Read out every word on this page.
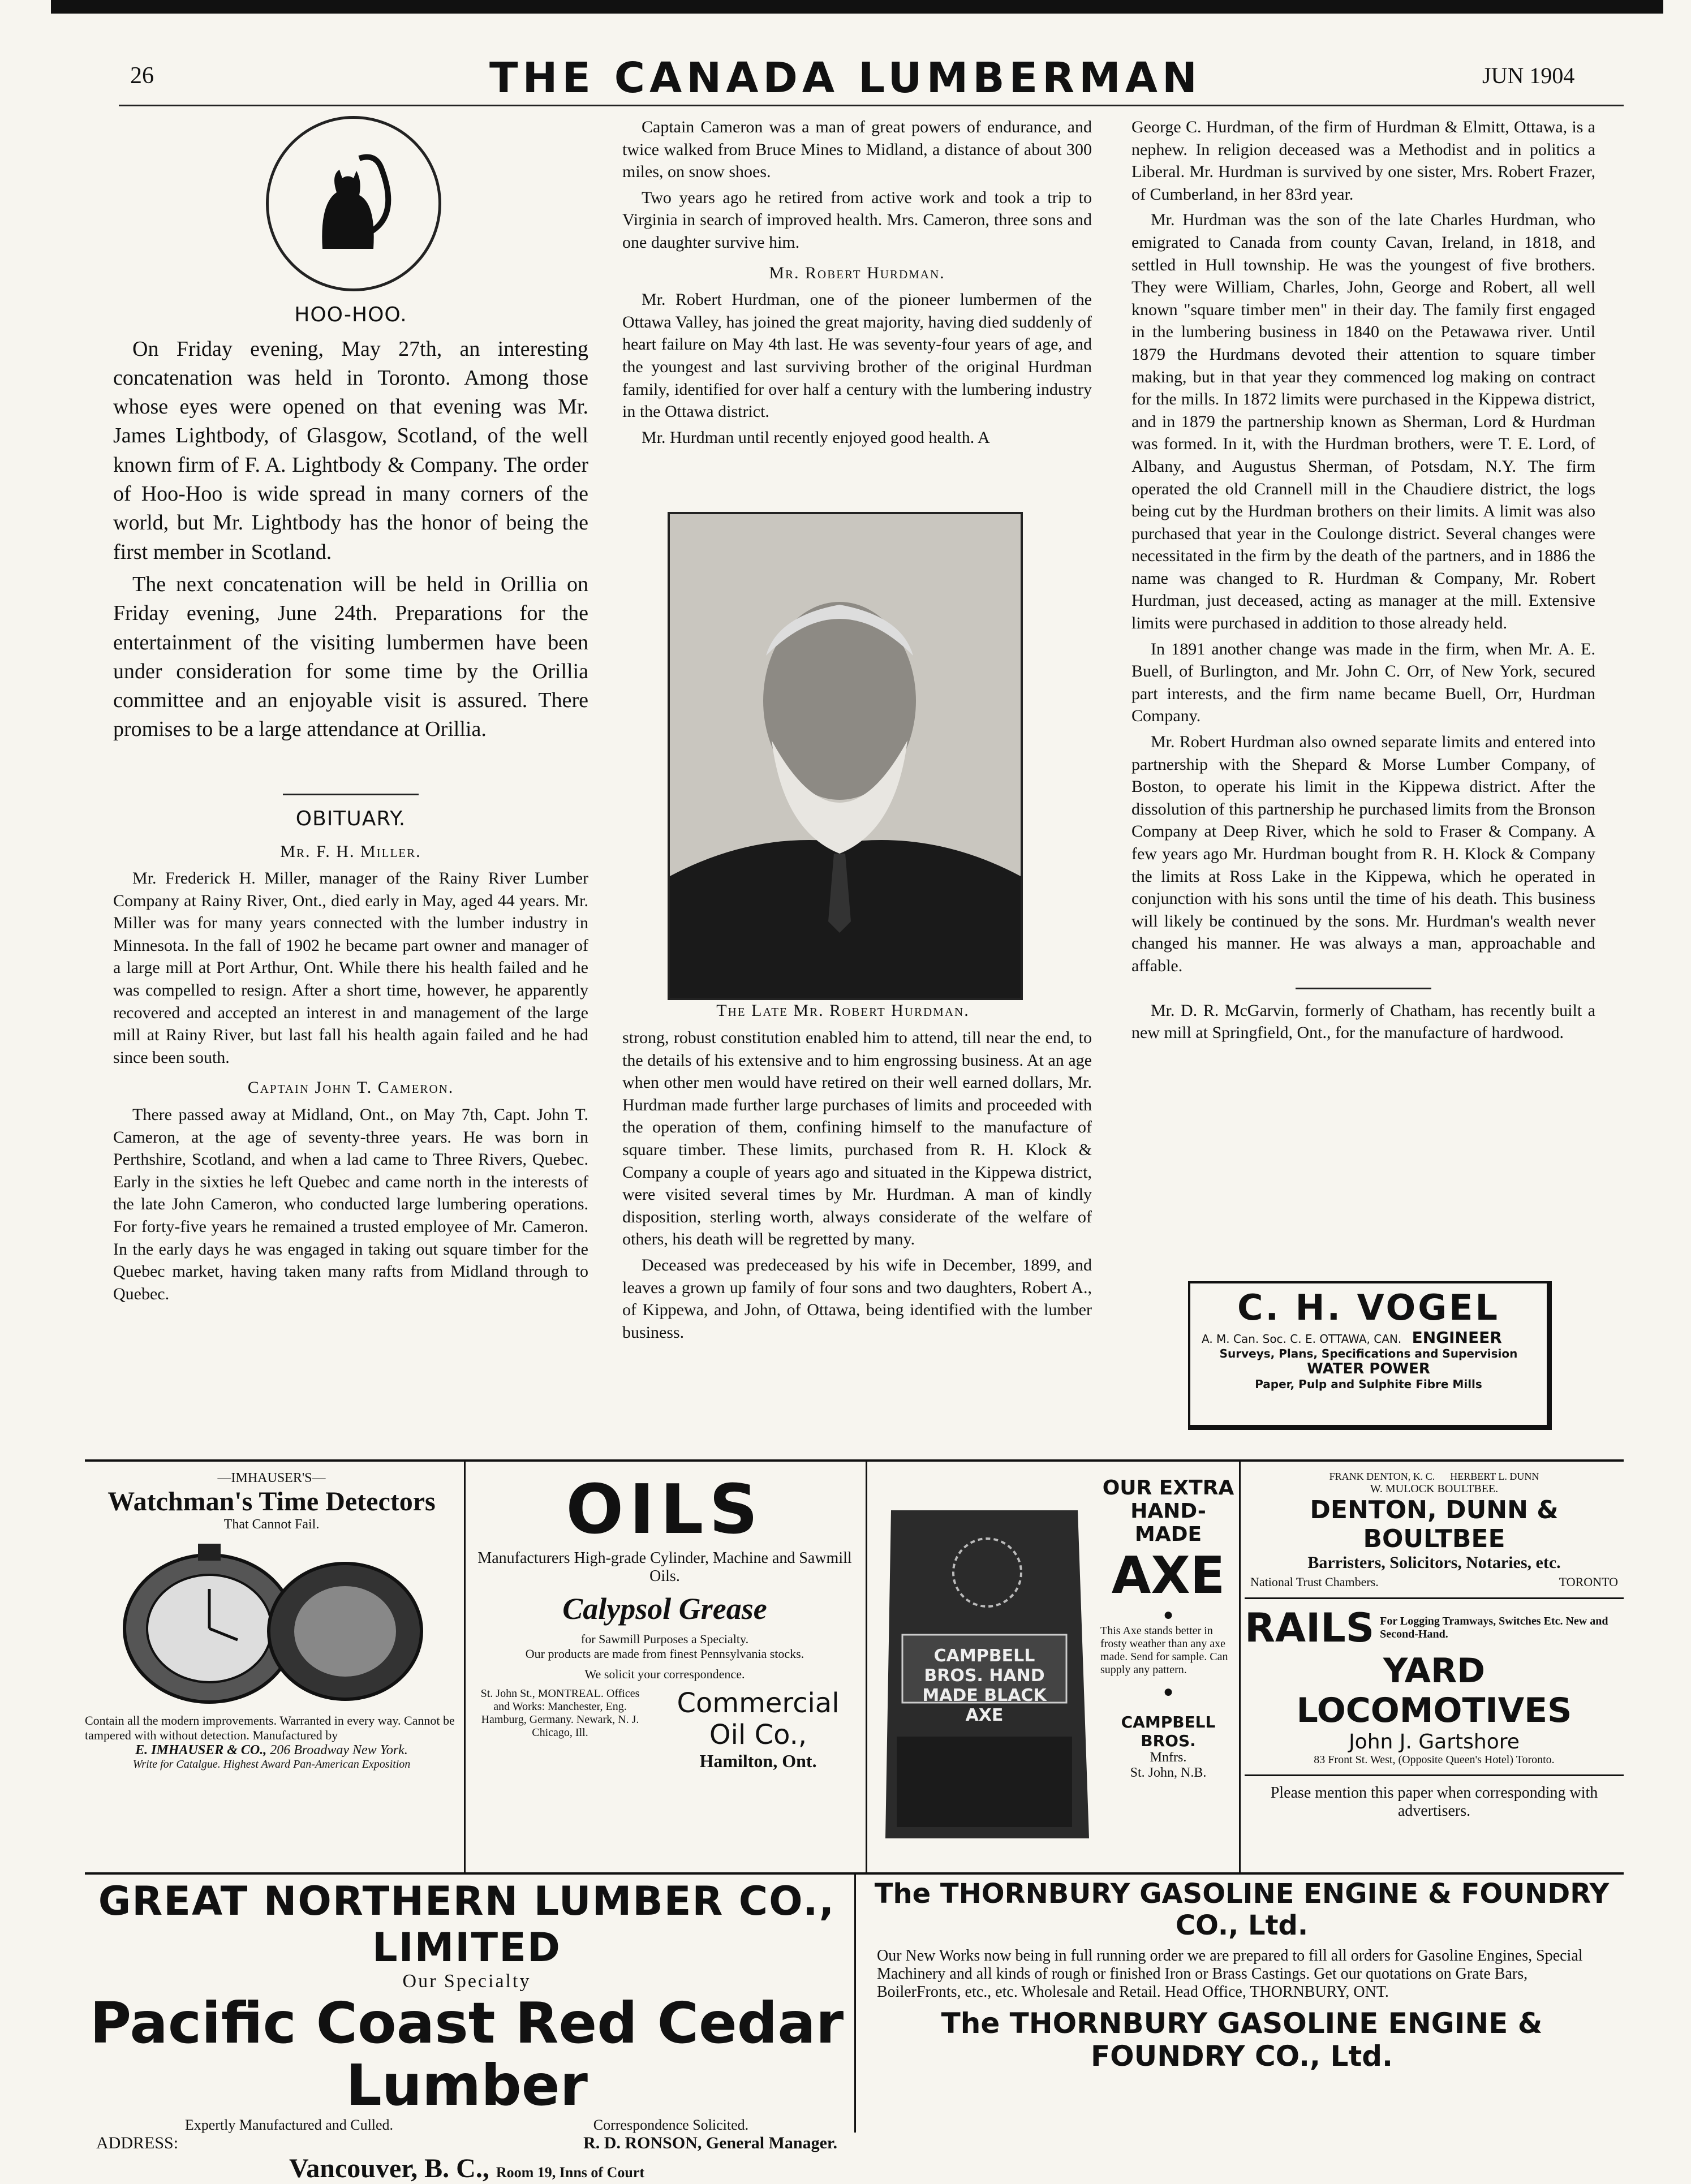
26	THE CANADA LUMBERMAN	JUN 1904
HOO-HOO.

On Friday evening, May 27th, an interesting concatenation was held in Toronto. Among those whose eyes were opened on that evening was Mr. James Lightbody, of Glasgow, Scotland, of the well known firm of F. A. Lightbody & Company. The order of Hoo-Hoo is wide spread in many corners of the world, but Mr. Lightbody has the honor of being the first member in Scotland.

The next concatenation will be held in Orillia on Friday evening, June 24th. Preparations for the entertainment of the visiting lumbermen have been under consideration for some time by the Orillia committee and an enjoyable visit is assured. There promises to be a large attendance at Orillia.

OBITUARY.
Mr. F. H. Miller.

Mr. Frederick H. Miller, manager of the Rainy River Lumber Company at Rainy River, Ont., died early in May, aged 44 years. Mr. Miller was for many years connected with the lumber industry in Minnesota. In the fall of 1902 he became part owner and manager of a large mill at Port Arthur, Ont. While there his health failed and he was compelled to resign. After a short time, however, he apparently recovered and accepted an interest in and management of the large mill at Rainy River, but last fall his health again failed and he had since been south.

Captain John T. Cameron.

There passed away at Midland, Ont., on May 7th, Capt. John T. Cameron, at the age of seventy-three years. He was born in Perthshire, Scotland, and when a lad came to Three Rivers, Quebec. Early in the sixties he left Quebec and came north in the interests of the late John Cameron, who conducted large lumbering operations. For forty-five years he remained a trusted employee of Mr. Cameron. In the early days he was engaged in taking out square timber for the Quebec market, having taken many rafts from Midland through to Quebec.

Captain Cameron was a man of great powers of endurance, and twice walked from Bruce Mines to Midland, a distance of about 300 miles, on snow shoes.

Two years ago he retired from active work and took a trip to Virginia in search of improved health. Mrs. Cameron, three sons and one daughter survive him.

Mr. Robert Hurdman.

Mr. Robert Hurdman, one of the pioneer lumbermen of the Ottawa Valley, has joined the great majority, having died suddenly of heart failure on May 4th last. He was seventy-four years of age, and the youngest and last surviving brother of the original Hurdman family, identified for over half a century with the lumbering industry in the Ottawa district.

Mr. Hurdman until recently enjoyed good health. A

The Late Mr. Robert Hurdman.

strong, robust constitution enabled him to attend, till near the end, to the details of his extensive and to him engrossing business. At an age when other men would have retired on their well earned dollars, Mr. Hurdman made further large purchases of limits and proceeded with the operation of them, confining himself to the manufacture of square timber. These limits, purchased from R. H. Klock & Company a couple of years ago and situated in the Kippewa district, were visited several times by Mr. Hurdman. A man of kindly disposition, sterling worth, always considerate of the welfare of others, his death will be regretted by many.

Deceased was predeceased by his wife in December, 1899, and leaves a grown up family of four sons and two daughters, Robert A., of Kippewa, and John, of Ottawa, being identified with the lumber business.

George C. Hurdman, of the firm of Hurdman & Elmitt, Ottawa, is a nephew. In religion deceased was a Methodist and in politics a Liberal. Mr. Hurdman is survived by one sister, Mrs. Robert Frazer, of Cumberland, in her 83rd year.

Mr. Hurdman was the son of the late Charles Hurdman, who emigrated to Canada from county Cavan, Ireland, in 1818, and settled in Hull township. He was the youngest of five brothers. They were William, Charles, John, George and Robert, all well known "square timber men" in their day. The family first engaged in the lumbering business in 1840 on the Petawawa river. Until 1879 the Hurdmans devoted their attention to square timber making, but in that year they commenced log making on contract for the mills. In 1872 limits were purchased in the Kippewa district, and in 1879 the partnership known as Sherman, Lord & Hurdman was formed. In it, with the Hurdman brothers, were T. E. Lord, of Albany, and Augustus Sherman, of Potsdam, N.Y. The firm operated the old Crannell mill in the Chaudiere district, the logs being cut by the Hurdman brothers on their limits. A limit was also purchased that year in the Coulonge district. Several changes were necessitated in the firm by the death of the partners, and in 1886 the name was changed to R. Hurdman & Company, Mr. Robert Hurdman, just deceased, acting as manager at the mill. Extensive limits were purchased in addition to those already held.

In 1891 another change was made in the firm, when Mr. A. E. Buell, of Burlington, and Mr. John C. Orr, of New York, secured part interests, and the firm name became Buell, Orr, Hurdman Company.

Mr. Robert Hurdman also owned separate limits and entered into partnership with the Shepard & Morse Lumber Company, of Boston, to operate his limit in the Kippewa district. After the dissolution of this partnership he purchased limits from the Bronson Company at Deep River, which he sold to Fraser & Company. A few years ago Mr. Hurdman bought from R. H. Klock & Company the limits at Ross Lake in the Kippewa, which he operated in conjunction with his sons until the time of his death. This business will likely be continued by the sons. Mr. Hurdman's wealth never changed his manner. He was always a man, approachable and affable.

Mr. D. R. McGarvin, formerly of Chatham, has recently built a new mill at Springfield, Ont., for the manufacture of hardwood.

C. H. VOGEL
A. M. Can. Soc. C. E. OTTAWA, CAN. ENGINEER
Surveys, Plans, Specifications and Supervision
WATER POWER
Paper, Pulp and Sulphite Fibre Mills
—IMHAUSER'S—
Watchman's Time Detectors
That Cannot Fail.
Contain all the modern improvements. Warranted in every way. Cannot be tampered with without detection. Manufactured by
E. IMHAUSER & CO., 206 Broadway New York.
Write for Catalgue. Highest Award Pan-American Exposition
OILS
Manufacturers High-grade Cylinder, Machine and Sawmill Oils.
Calypsol Grease
for Sawmill Purposes a Specialty.
Our products are made from finest Pennsylvania stocks.
We solicit your correspondence.
St. John St., MONTREAL. Offices and Works: Manchester, Eng. Hamburg, Germany. Newark, N. J. Chicago, Ill.
Commercial Oil Co.,
Hamilton, Ont.
CAMPBELL BROS. HAND MADE BLACK AXE
OUR EXTRA
HAND-MADE
AXE
●
This Axe stands better in frosty weather than any axe made. Send for sample. Can supply any pattern.
●
CAMPBELL BROS.
Mnfrs.
St. John, N.B.
FRANK DENTON, K. C.      HERBERT L. DUNN
W. MULOCK BOULTBEE.
DENTON, DUNN & BOULTBEE
Barristers, Solicitors, Notaries, etc.
National Trust Chambers.	TORONTO
RAILS For Logging Tramways, Switches Etc. New and Second-Hand.
YARD LOCOMOTIVES
John J. Gartshore
83 Front St. West, (Opposite Queen's Hotel) Toronto.
Please mention this paper when corresponding with advertisers.
GREAT NORTHERN LUMBER CO., LIMITED
Our Specialty
Pacific Coast Red Cedar Lumber
Expertly Manufactured and Culled.	Correspondence Solicited.
ADDRESS:	R. D. RONSON, General Manager.
Vancouver, B. C., Room 19, Inns of Court
The THORNBURY GASOLINE ENGINE & FOUNDRY CO., Ltd.
Our New Works now being in full running order we are prepared to fill all orders for Gasoline Engines, Special Machinery and all kinds of rough or finished Iron or Brass Castings. Get our quotations on Grate Bars, BoilerFronts, etc., etc. Wholesale and Retail. Head Office, THORNBURY, ONT.
The THORNBURY GASOLINE ENGINE & FOUNDRY CO., Ltd.
